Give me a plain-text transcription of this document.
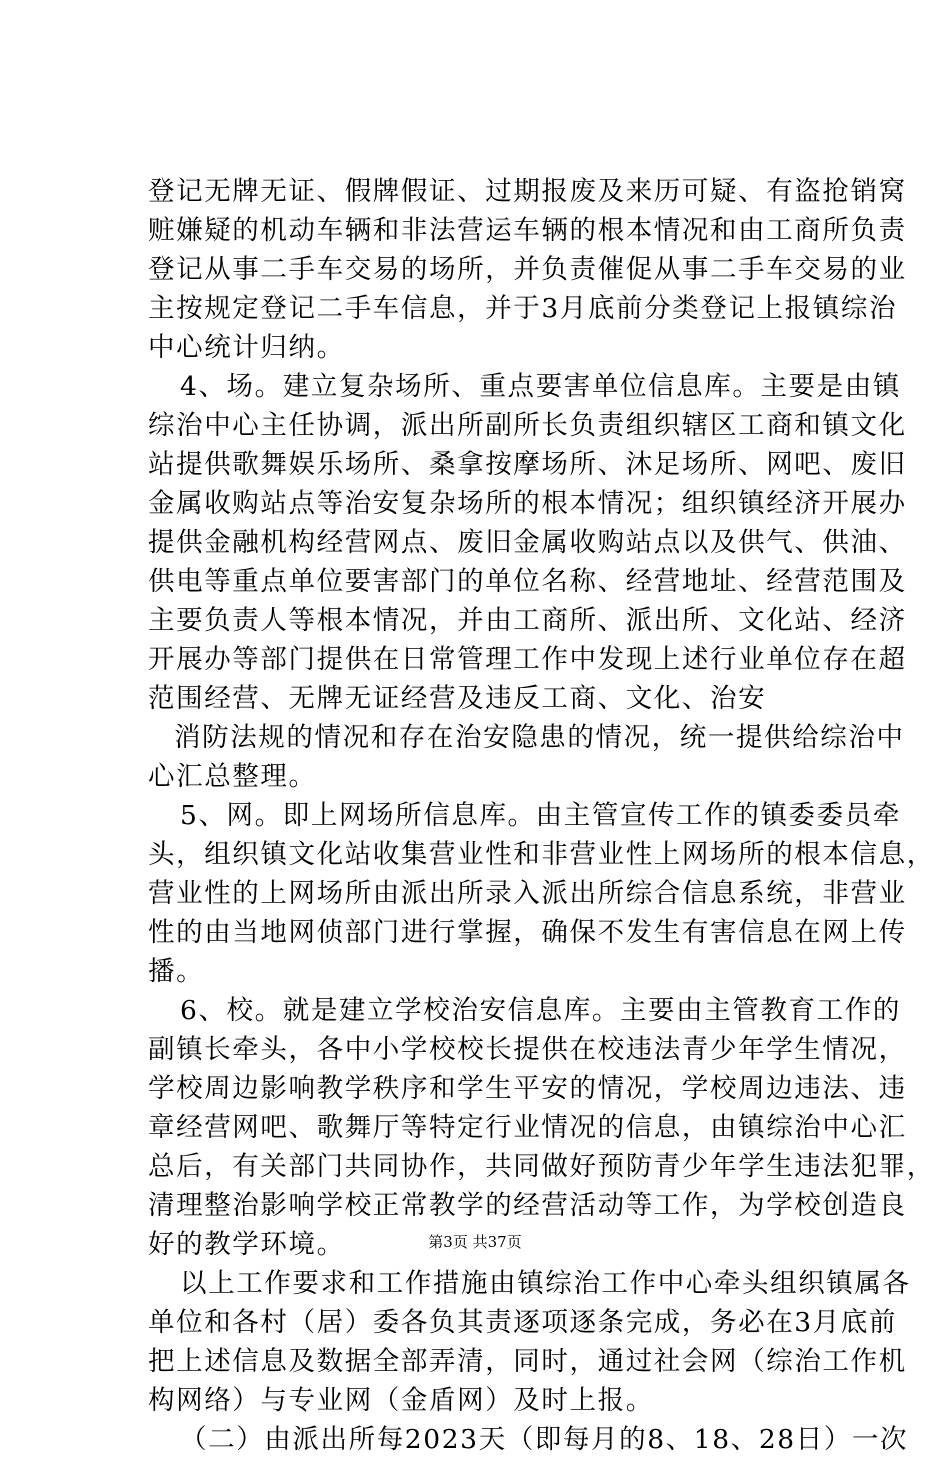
登记无牌无证、假牌假证、过期报废及来历可疑、有盗抢销窝
赃嫌疑的机动车辆和非法营运车辆的根本情况和由工商所负责
登记从事二手车交易的场所，并负责催促从事二手车交易的业
主按规定登记二手车信息，并于3月底前分类登记上报镇综治
中心统计归纳。
4、场。建立复杂场所、重点要害单位信息库。主要是由镇
综治中心主任协调，派出所副所长负责组织辖区工商和镇文化
站提供歌舞娱乐场所、桑拿按摩场所、沐足场所、网吧、废旧
金属收购站点等治安复杂场所的根本情况；组织镇经济开展办
提供金融机构经营网点、废旧金属收购站点以及供气、供油、
供电等重点单位要害部门的单位名称、经营地址、经营范围及
主要负责人等根本情况，并由工商所、派出所、文化站、经济
开展办等部门提供在日常管理工作中发现上述行业单位存在超
范围经营、无牌无证经营及违反工商、文化、治安
消防法规的情况和存在治安隐患的情况，统一提供给综治中
心汇总整理。
5、网。即上网场所信息库。由主管宣传工作的镇委委员牵
头，组织镇文化站收集营业性和非营业性上网场所的根本信息，
营业性的上网场所由派出所录入派出所综合信息系统，非营业
性的由当地网侦部门进行掌握，确保不发生有害信息在网上传
播。
6、校。就是建立学校治安信息库。主要由主管教育工作的
副镇长牵头，各中小学校校长提供在校违法青少年学生情况，
学校周边影响教学秩序和学生平安的情况，学校周边违法、违
章经营网吧、歌舞厅等特定行业情况的信息，由镇综治中心汇
总后，有关部门共同协作，共同做好预防青少年学生违法犯罪，
清理整治影响学校正常教学的经营活动等工作，为学校创造良
好的教学环境。
以上工作要求和工作措施由镇综治工作中心牵头组织镇属各
单位和各村（居）委各负其责逐项逐条完成，务必在3月底前
把上述信息及数据全部弄清，同时，通过社会网（综治工作机
构网络）与专业网（金盾网）及时上报。
（二）由派出所每2023天（即每月的8、18、28日）一次
第3页 共37页
